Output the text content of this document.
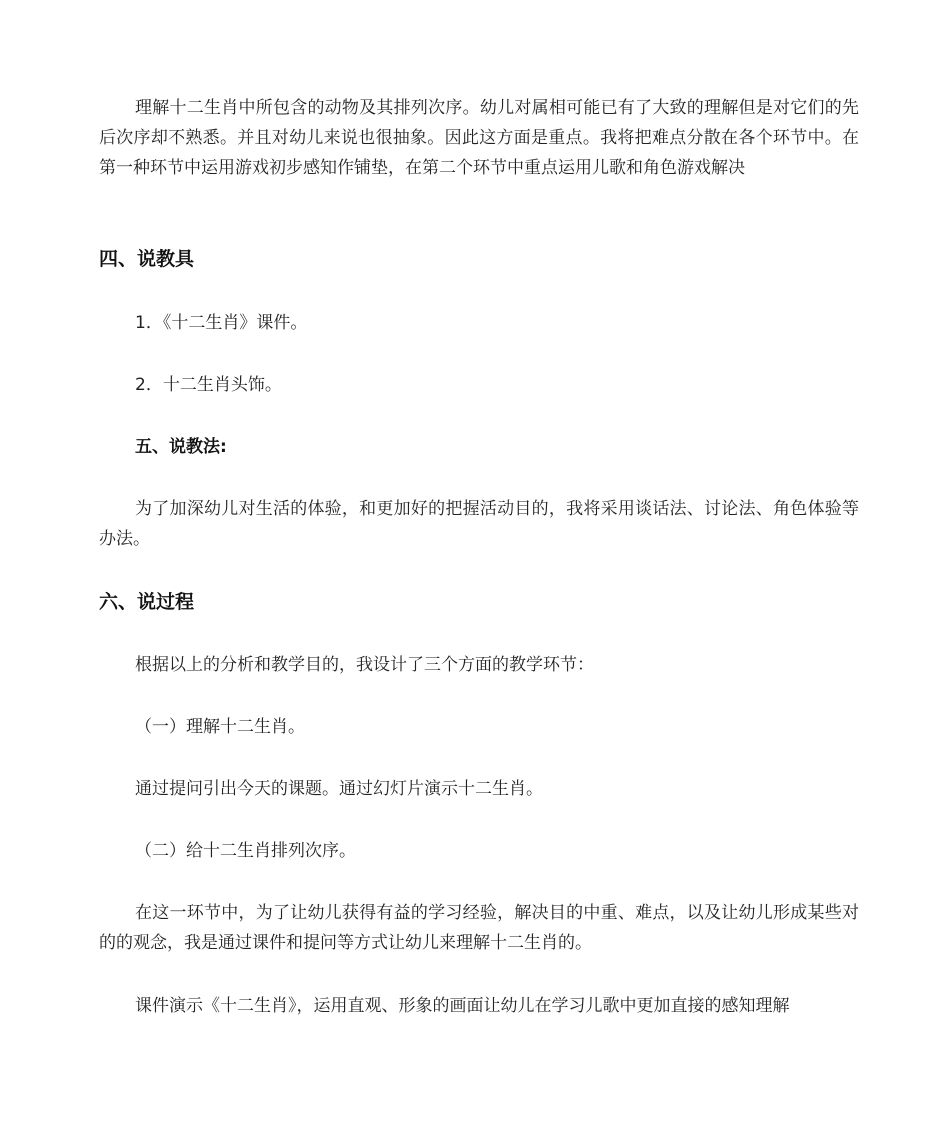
理解十二生肖中所包含的动物及其排列次序。幼儿对属相可能已有了大致的理解但是对它们的先后次序却不熟悉。并且对幼儿来说也很抽象。因此这方面是重点。我将把难点分散在各个环节中。在第一种环节中运用游戏初步感知作铺垫，在第二个环节中重点运用儿歌和角色游戏解决

四、说教具

1．《十二生肖》课件。

2．十二生肖头饰。

五、说教法:

为了加深幼儿对生活的体验，和更加好的把握活动目的，我将采用谈话法、讨论法、角色体验等办法。

六、说过程

根据以上的分析和教学目的，我设计了三个方面的教学环节：

（一）理解十二生肖。

通过提问引出今天的课题。通过幻灯片演示十二生肖。

（二）给十二生肖排列次序。

在这一环节中，为了让幼儿获得有益的学习经验，解决目的中重、难点，以及让幼儿形成某些对的的观念，我是通过课件和提问等方式让幼儿来理解十二生肖的。

课件演示《十二生肖》，运用直观、形象的画面让幼儿在学习儿歌中更加直接的感知理解
